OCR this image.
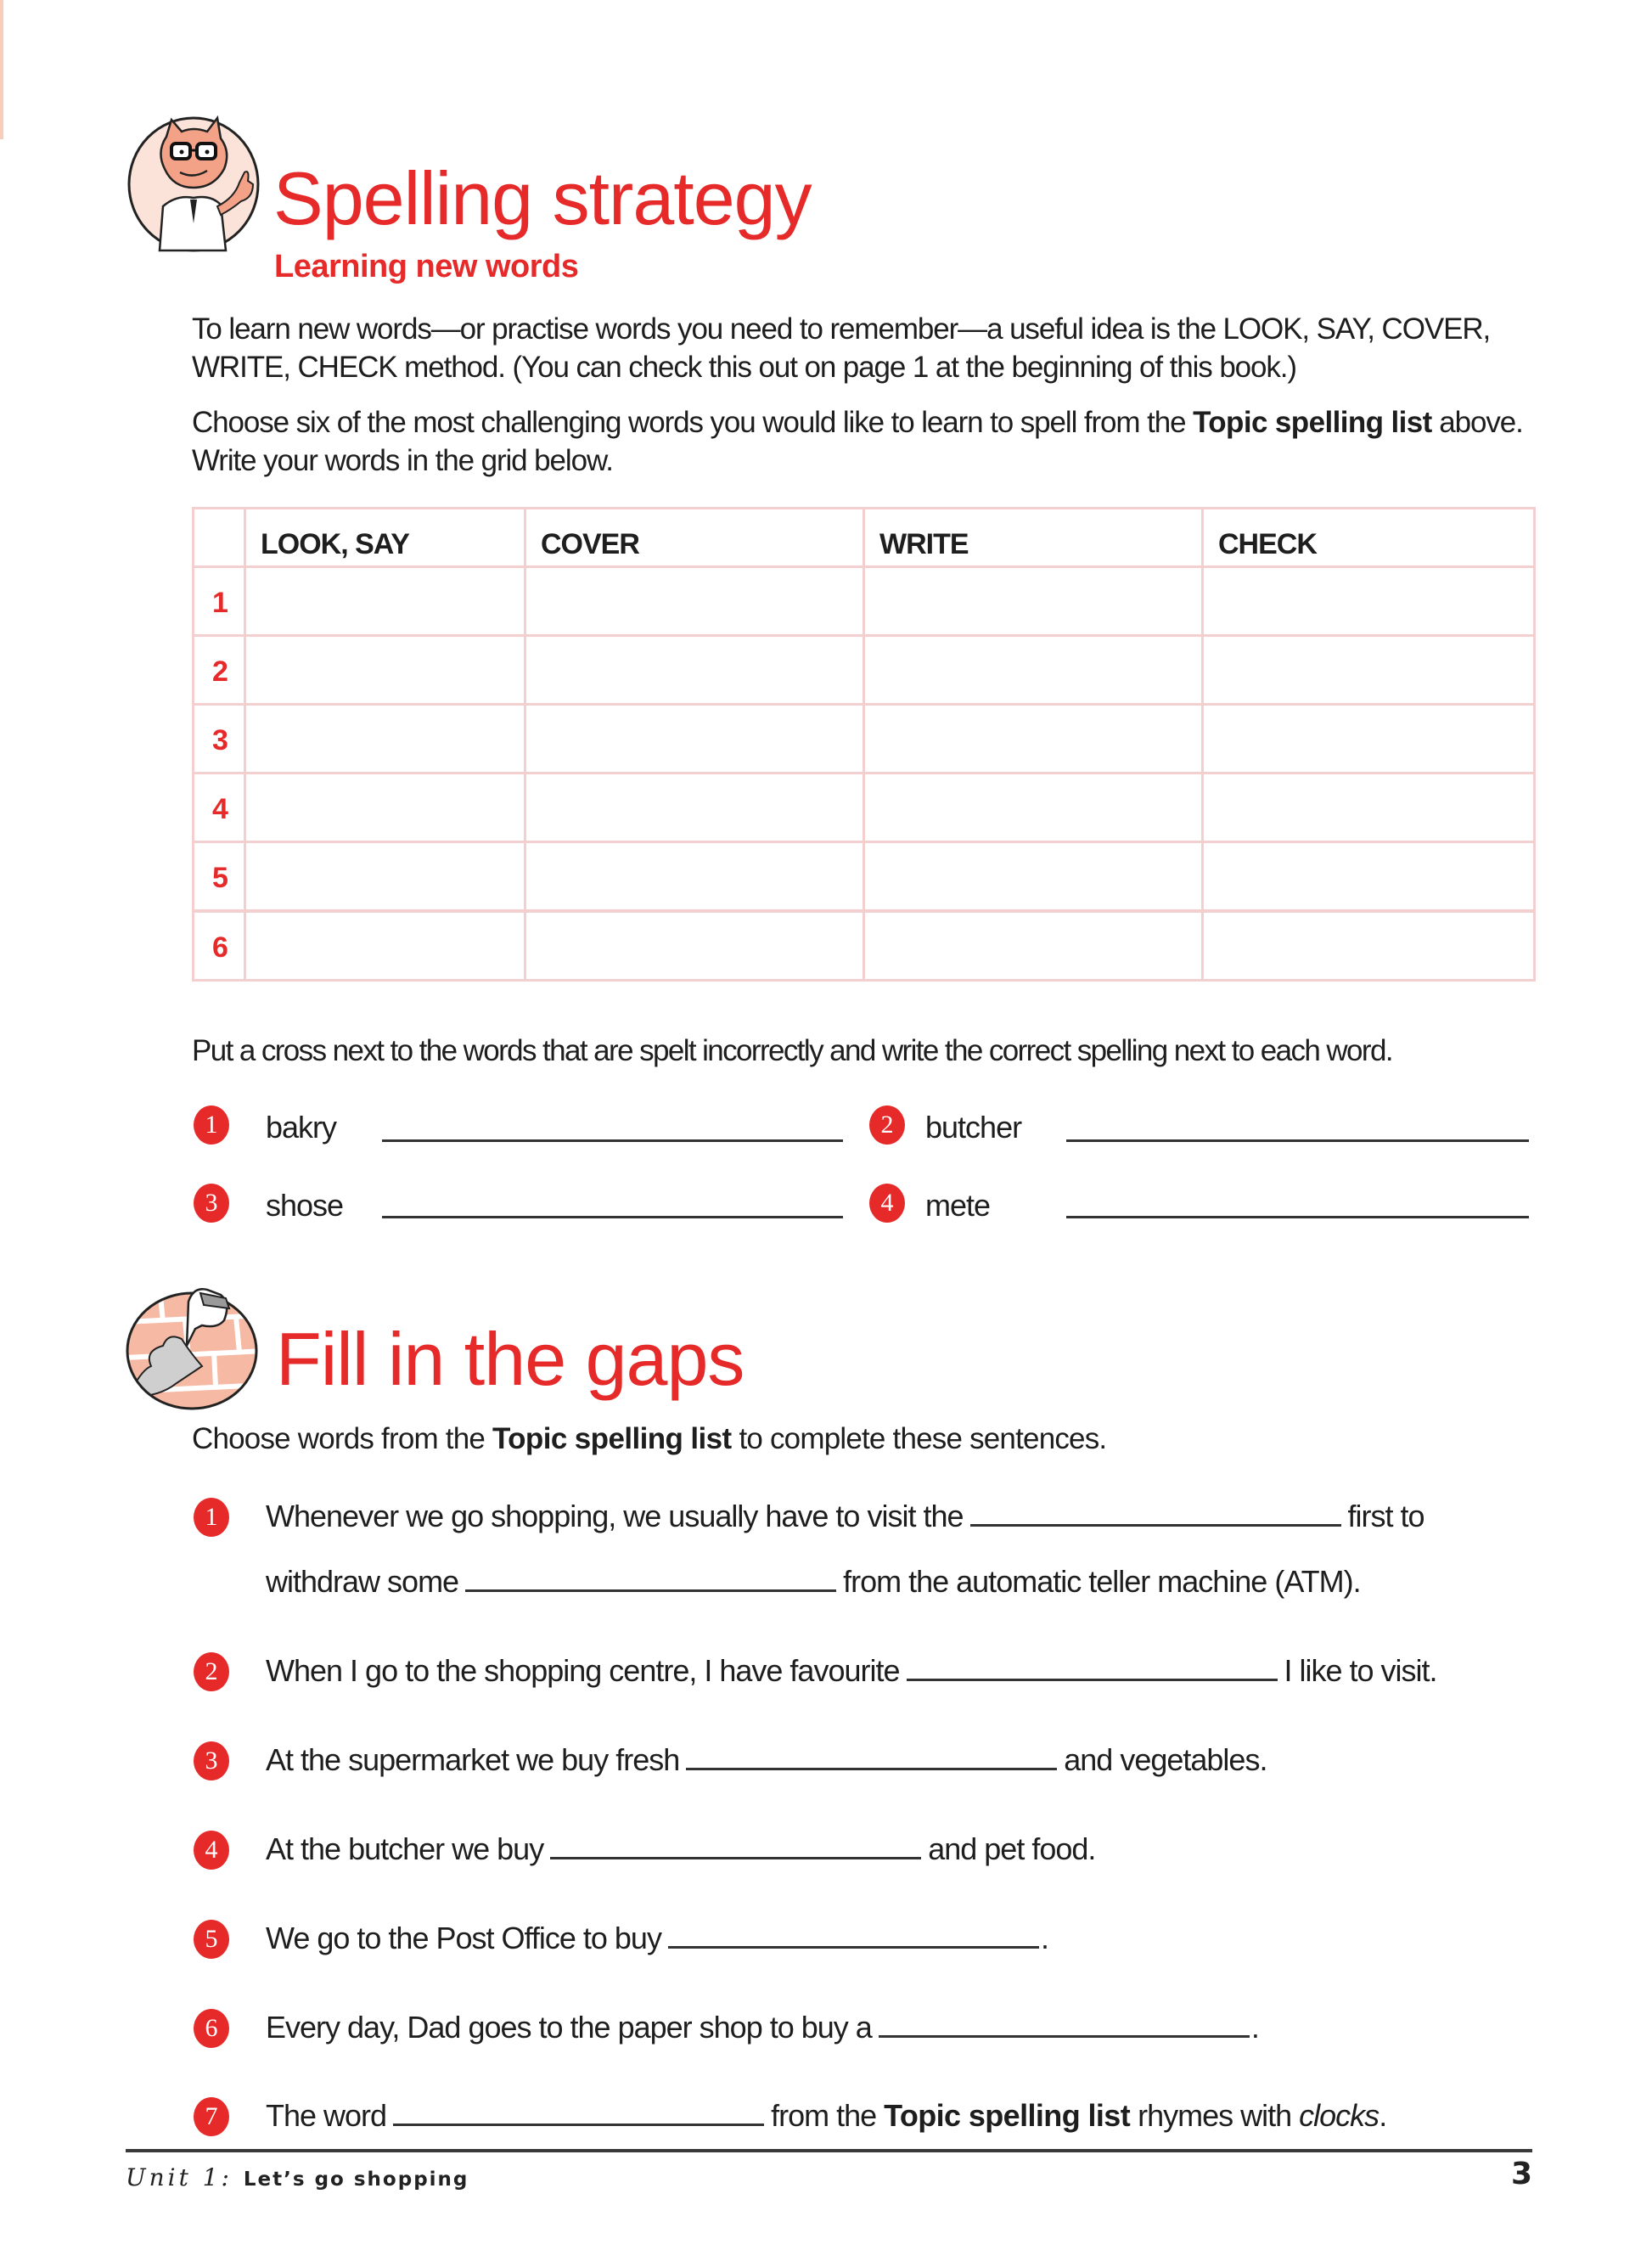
Spelling strategy
Learning new words
To learn new words—or practise words you need to remember—a useful idea is the LOOK, SAY, COVER, WRITE, CHECK method. (You can check this out on page 1 at the beginning of this book.)
Choose six of the most challenging words you would like to learn to spell from the Topic spelling list above. Write your words in the grid below.
LOOK, SAY	COVER	WRITE	CHECK
1
2
3
4
5
6
Put a cross next to the words that are spelt incorrectly and write the correct spelling next to each word.
1	bakry	2	butcher
3	shose	4	mete
Fill in the gaps
Choose words from the Topic spelling list to complete these sentences.
1	Whenever we go shopping, we usually have to visit the	first to
withdraw some	from the automatic teller machine (ATM).
2	When I go to the shopping centre, I have favourite	I like to visit.
3	At the supermarket we buy fresh	and vegetables.
4	At the butcher we buy	and pet food.
5	We go to the Post Office to buy	.
6	Every day, Dad goes to the paper shop to buy a	.
7	The word	from the Topic spelling list rhymes with clocks .
Unit 1: Let’s go shopping	3
